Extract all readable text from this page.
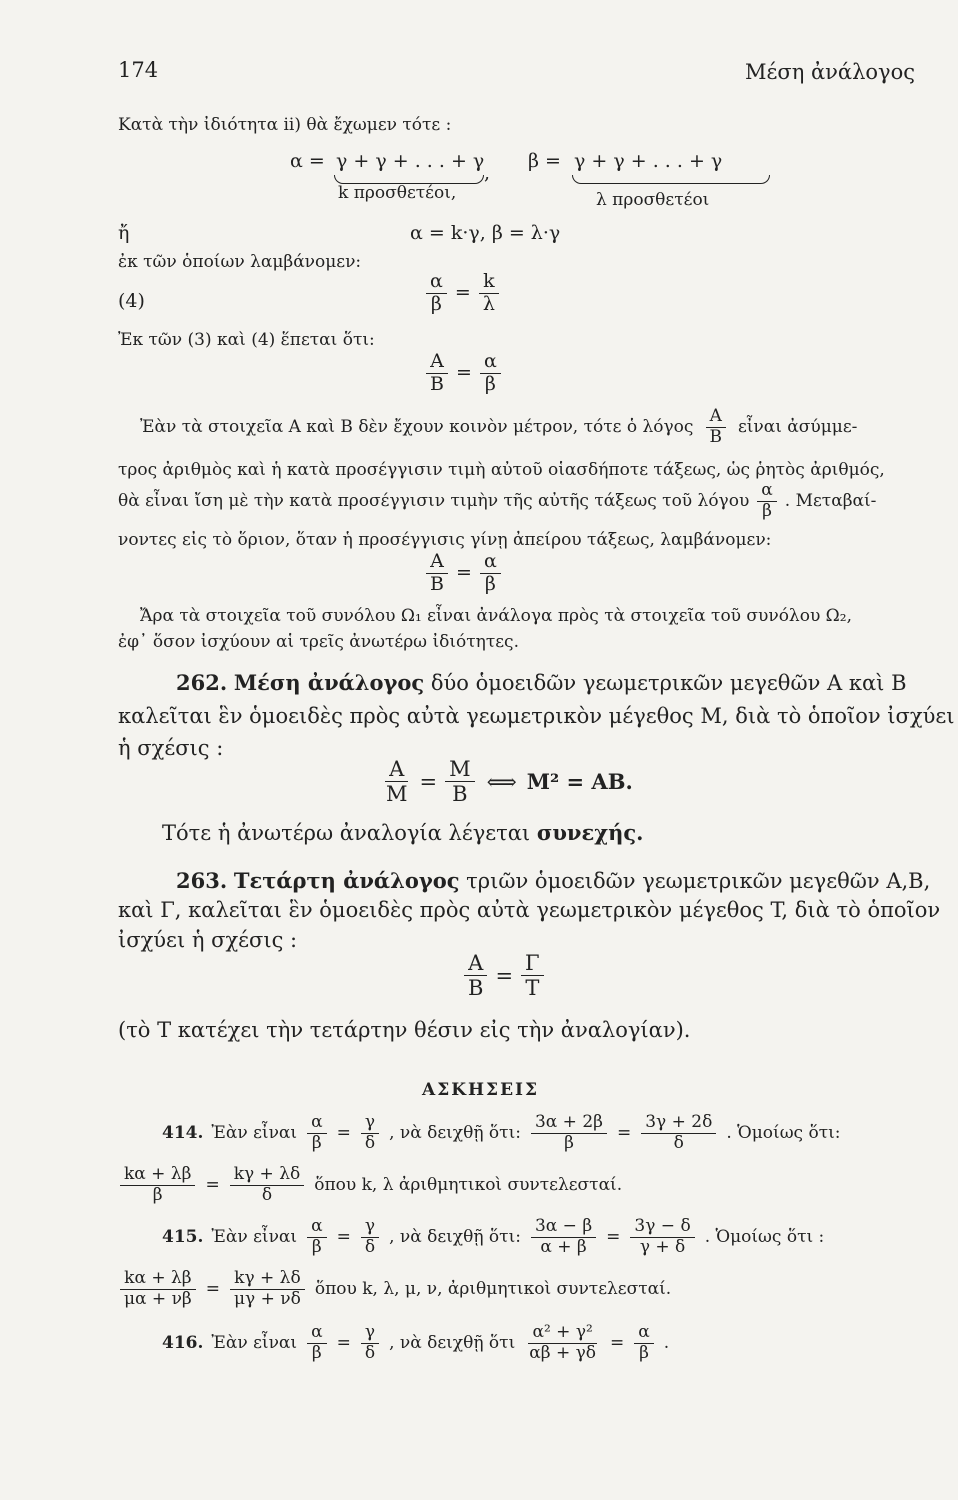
174	Μέση ἀνάλογος
Κατὰ τὴν ἰδιότητα ii) θὰ ἔχωμεν τότε :
α = γ + γ + . . . + γ
,
β = γ + γ + . . . + γ
k προσθετέοι,	λ προσθετέοι
ἤ	α = k·γ, β = λ·γ
ἐκ τῶν ὁποίων λαμβάνομεν:
(4)	$\frac{\alpha}{\beta} = \frac{k}{\lambda}$
Ἐκ τῶν (3) καὶ (4) ἕπεται ὅτι:
$\frac{A}{B} = \frac{\alpha}{\beta}$
Ἐὰν τὰ στοιχεῖα A καὶ B δὲν ἔχουν κοινὸν μέτρον, τότε ὁ λόγος $\frac{A}{B}$ εἶναι ἀσύμμε-
τρος ἀριθμὸς καὶ ἡ κατὰ προσέγγισιν τιμὴ αὐτοῦ οἱασδήποτε τάξεως, ὡς ῥητὸς ἀριθμός,
θὰ εἶναι ἴση μὲ τὴν κατὰ προσέγγισιν τιμὴν τῆς αὐτῆς τάξεως τοῦ λόγου $\frac{\alpha}{\beta}$ . Μεταβαί-
νοντες εἰς τὸ ὅριον, ὅταν ἡ προσέγγισις γίνῃ ἀπείρου τάξεως, λαμβάνομεν:
$\frac{A}{B} = \frac{\alpha}{\beta}$
Ἄρα τὰ στοιχεῖα τοῦ συνόλου Ω₁ εἶναι ἀνάλογα πρὸς τὰ στοιχεῖα τοῦ συνόλου Ω₂,
ἐφ᾽ ὅσον ἰσχύουν αἱ τρεῖς ἀνωτέρω ἰδιότητες.
262. Μέση ἀνάλογος δύο ὁμοειδῶν γεωμετρικῶν μεγεθῶν A καὶ B
καλεῖται ἓν ὁμοειδὲς πρὸς αὐτὰ γεωμετρικὸν μέγεθος M, διὰ τὸ ὁποῖον ἰσχύει
ἡ σχέσις :
$\frac{A}{M} = \frac{M}{B}$ ⟺ M² = AB.
Τότε ἡ ἀνωτέρω ἀναλογία λέγεται συνεχής.
263. Τετάρτη ἀνάλογος τριῶν ὁμοειδῶν γεωμετρικῶν μεγεθῶν A,B,
καὶ Γ, καλεῖται ἓν ὁμοειδὲς πρὸς αὐτὰ γεωμετρικὸν μέγεθος T, διὰ τὸ ὁποῖον
ἰσχύει ἡ σχέσις :
$\frac{A}{B} = \frac{\Gamma}{T}$
(τὸ T κατέχει τὴν τετάρτην θέσιν εἰς τὴν ἀναλογίαν).
ΑΣΚΗΣΕΙΣ
414. Ἐὰν εἶναι $\frac{\alpha}{\beta} = \frac{\gamma}{\delta}$ , νὰ δειχθῇ ὅτι: $\frac{3\alpha + 2\beta}{\beta} = \frac{3\gamma + 2\delta}{\delta}$ . Ὁμοίως ὅτι:
$\frac{k\alpha + \lambda\beta}{\beta} = \frac{k\gamma + \lambda\delta}{\delta}$ ὅπου k, λ ἀριθμητικοὶ συντελεσταί.
415. Ἐὰν εἶναι $\frac{\alpha}{\beta} = \frac{\gamma}{\delta}$ , νὰ δειχθῇ ὅτι: $\frac{3\alpha - \beta}{\alpha + \beta} = \frac{3\gamma - \delta}{\gamma + \delta}$ . Ὁμοίως ὅτι :
$\frac{k\alpha + \lambda\beta}{\mu\alpha + \nu\beta} = \frac{k\gamma + \lambda\delta}{\mu\gamma + \nu\delta}$ ὅπου k, λ, μ, ν, ἀριθμητικοὶ συντελεσταί.
416. Ἐὰν εἶναι $\frac{\alpha}{\beta} = \frac{\gamma}{\delta}$ , νὰ δειχθῇ ὅτι $\frac{\text{α² + γ²}}{\alpha\beta + \gamma\delta} = \frac{\alpha}{\beta}$ .
